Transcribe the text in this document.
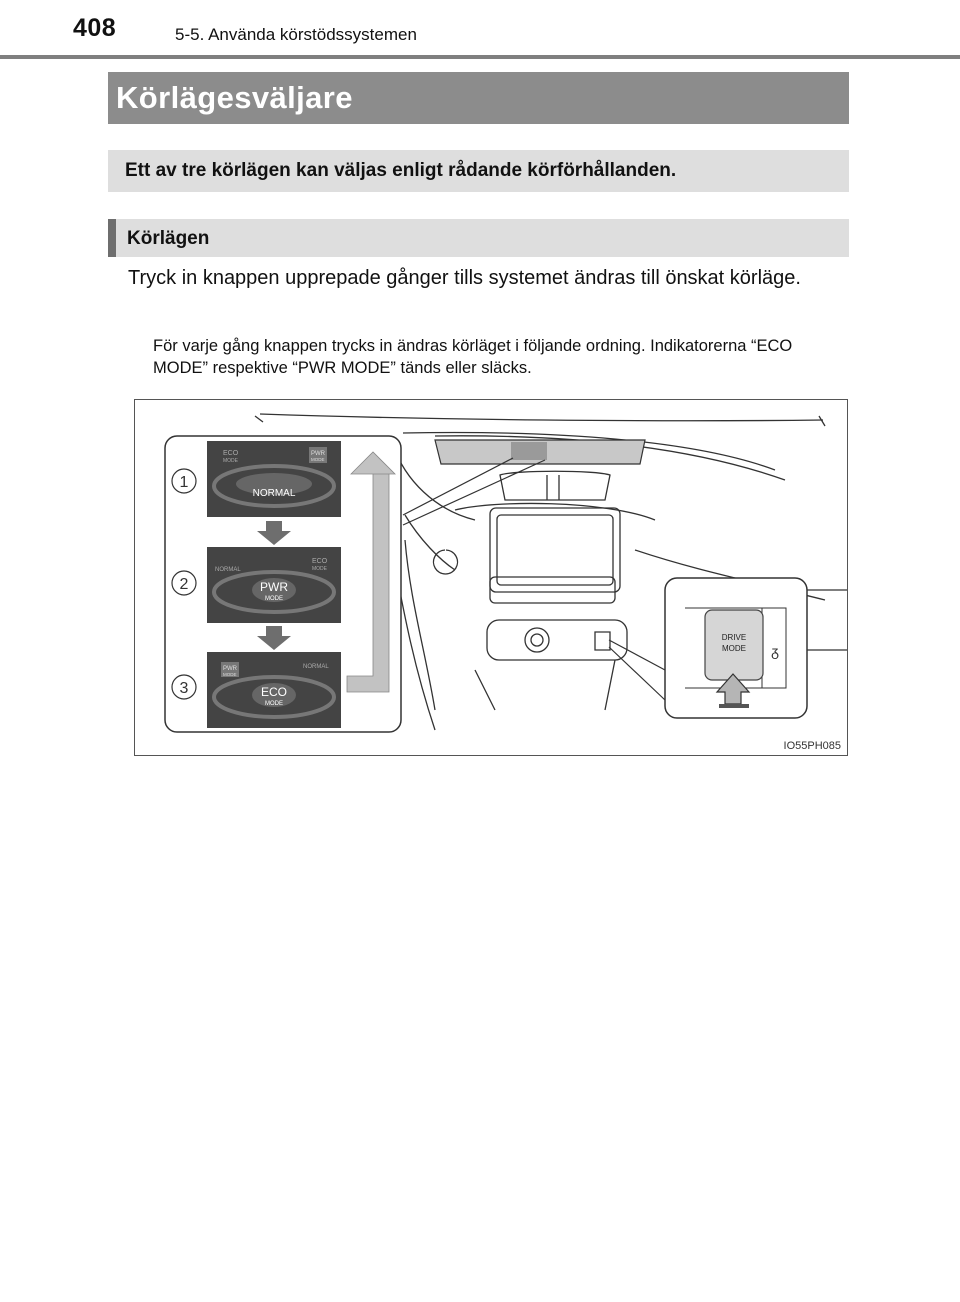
408	5-5. Använda körstödssystemen
Körlägesväljare
Ett av tre körlägen kan väljas enligt rådande körförhållanden.
Körlägen
Tryck in knappen upprepade gånger tills systemet ändras till önskat körläge.
För varje gång knappen trycks in ändras körläget i följande ordning. Indikatorerna “ECO MODE” respektive “PWR MODE” tänds eller släcks.
NORMAL
ECO
MODE
PWR
MODE
1
PWR
MODE
NORMAL
ECO
MODE
2
ECO
MODE
PWR
MODE
NORMAL
3
ᵹ
DRIVE
MODE
IO55PH085
